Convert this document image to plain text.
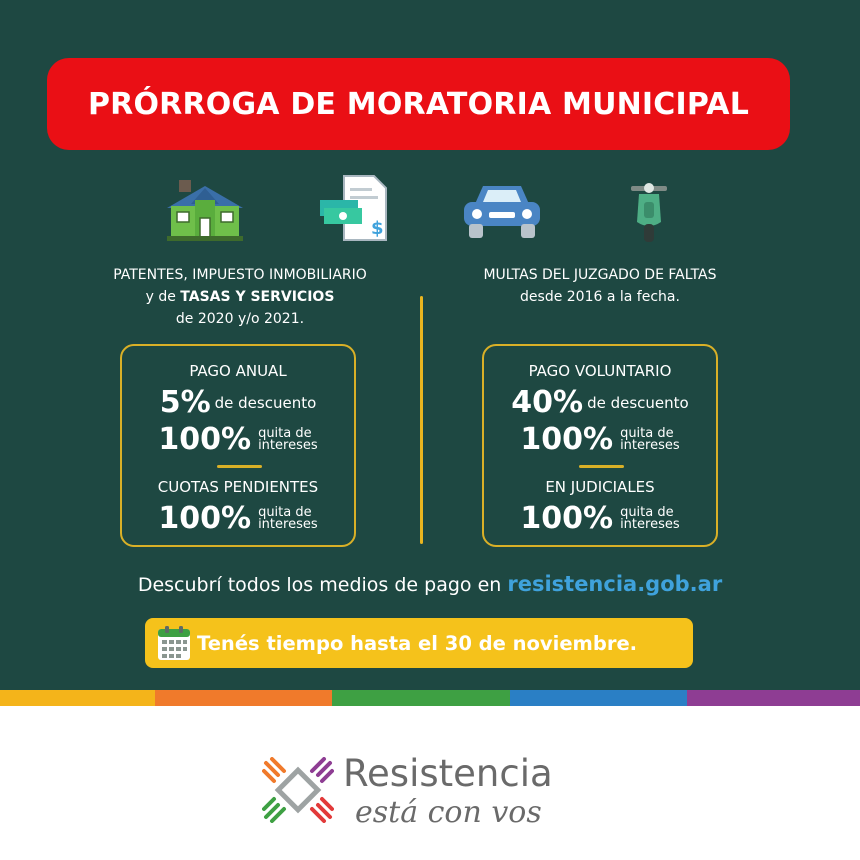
PRÓRROGA DE MORATORIA MUNICIPAL
$
PATENTES, IMPUESTO INMOBILIARIO
y de TASAS Y SERVICIOS
de 2020 y/o 2021.
MULTAS DEL JUZGADO DE FALTAS
desde 2016 a la fecha.
PAGO ANUAL
5% de descuento
100% quita de
intereses
CUOTAS PENDIENTES
100% quita de
intereses
PAGO VOLUNTARIO
40% de descuento
100% quita de
intereses
EN JUDICIALES
100% quita de
intereses
Descubrí todos los medios de pago en resistencia.gob.ar
Tenés tiempo hasta el 30 de noviembre.
Resistencia
está con vos
